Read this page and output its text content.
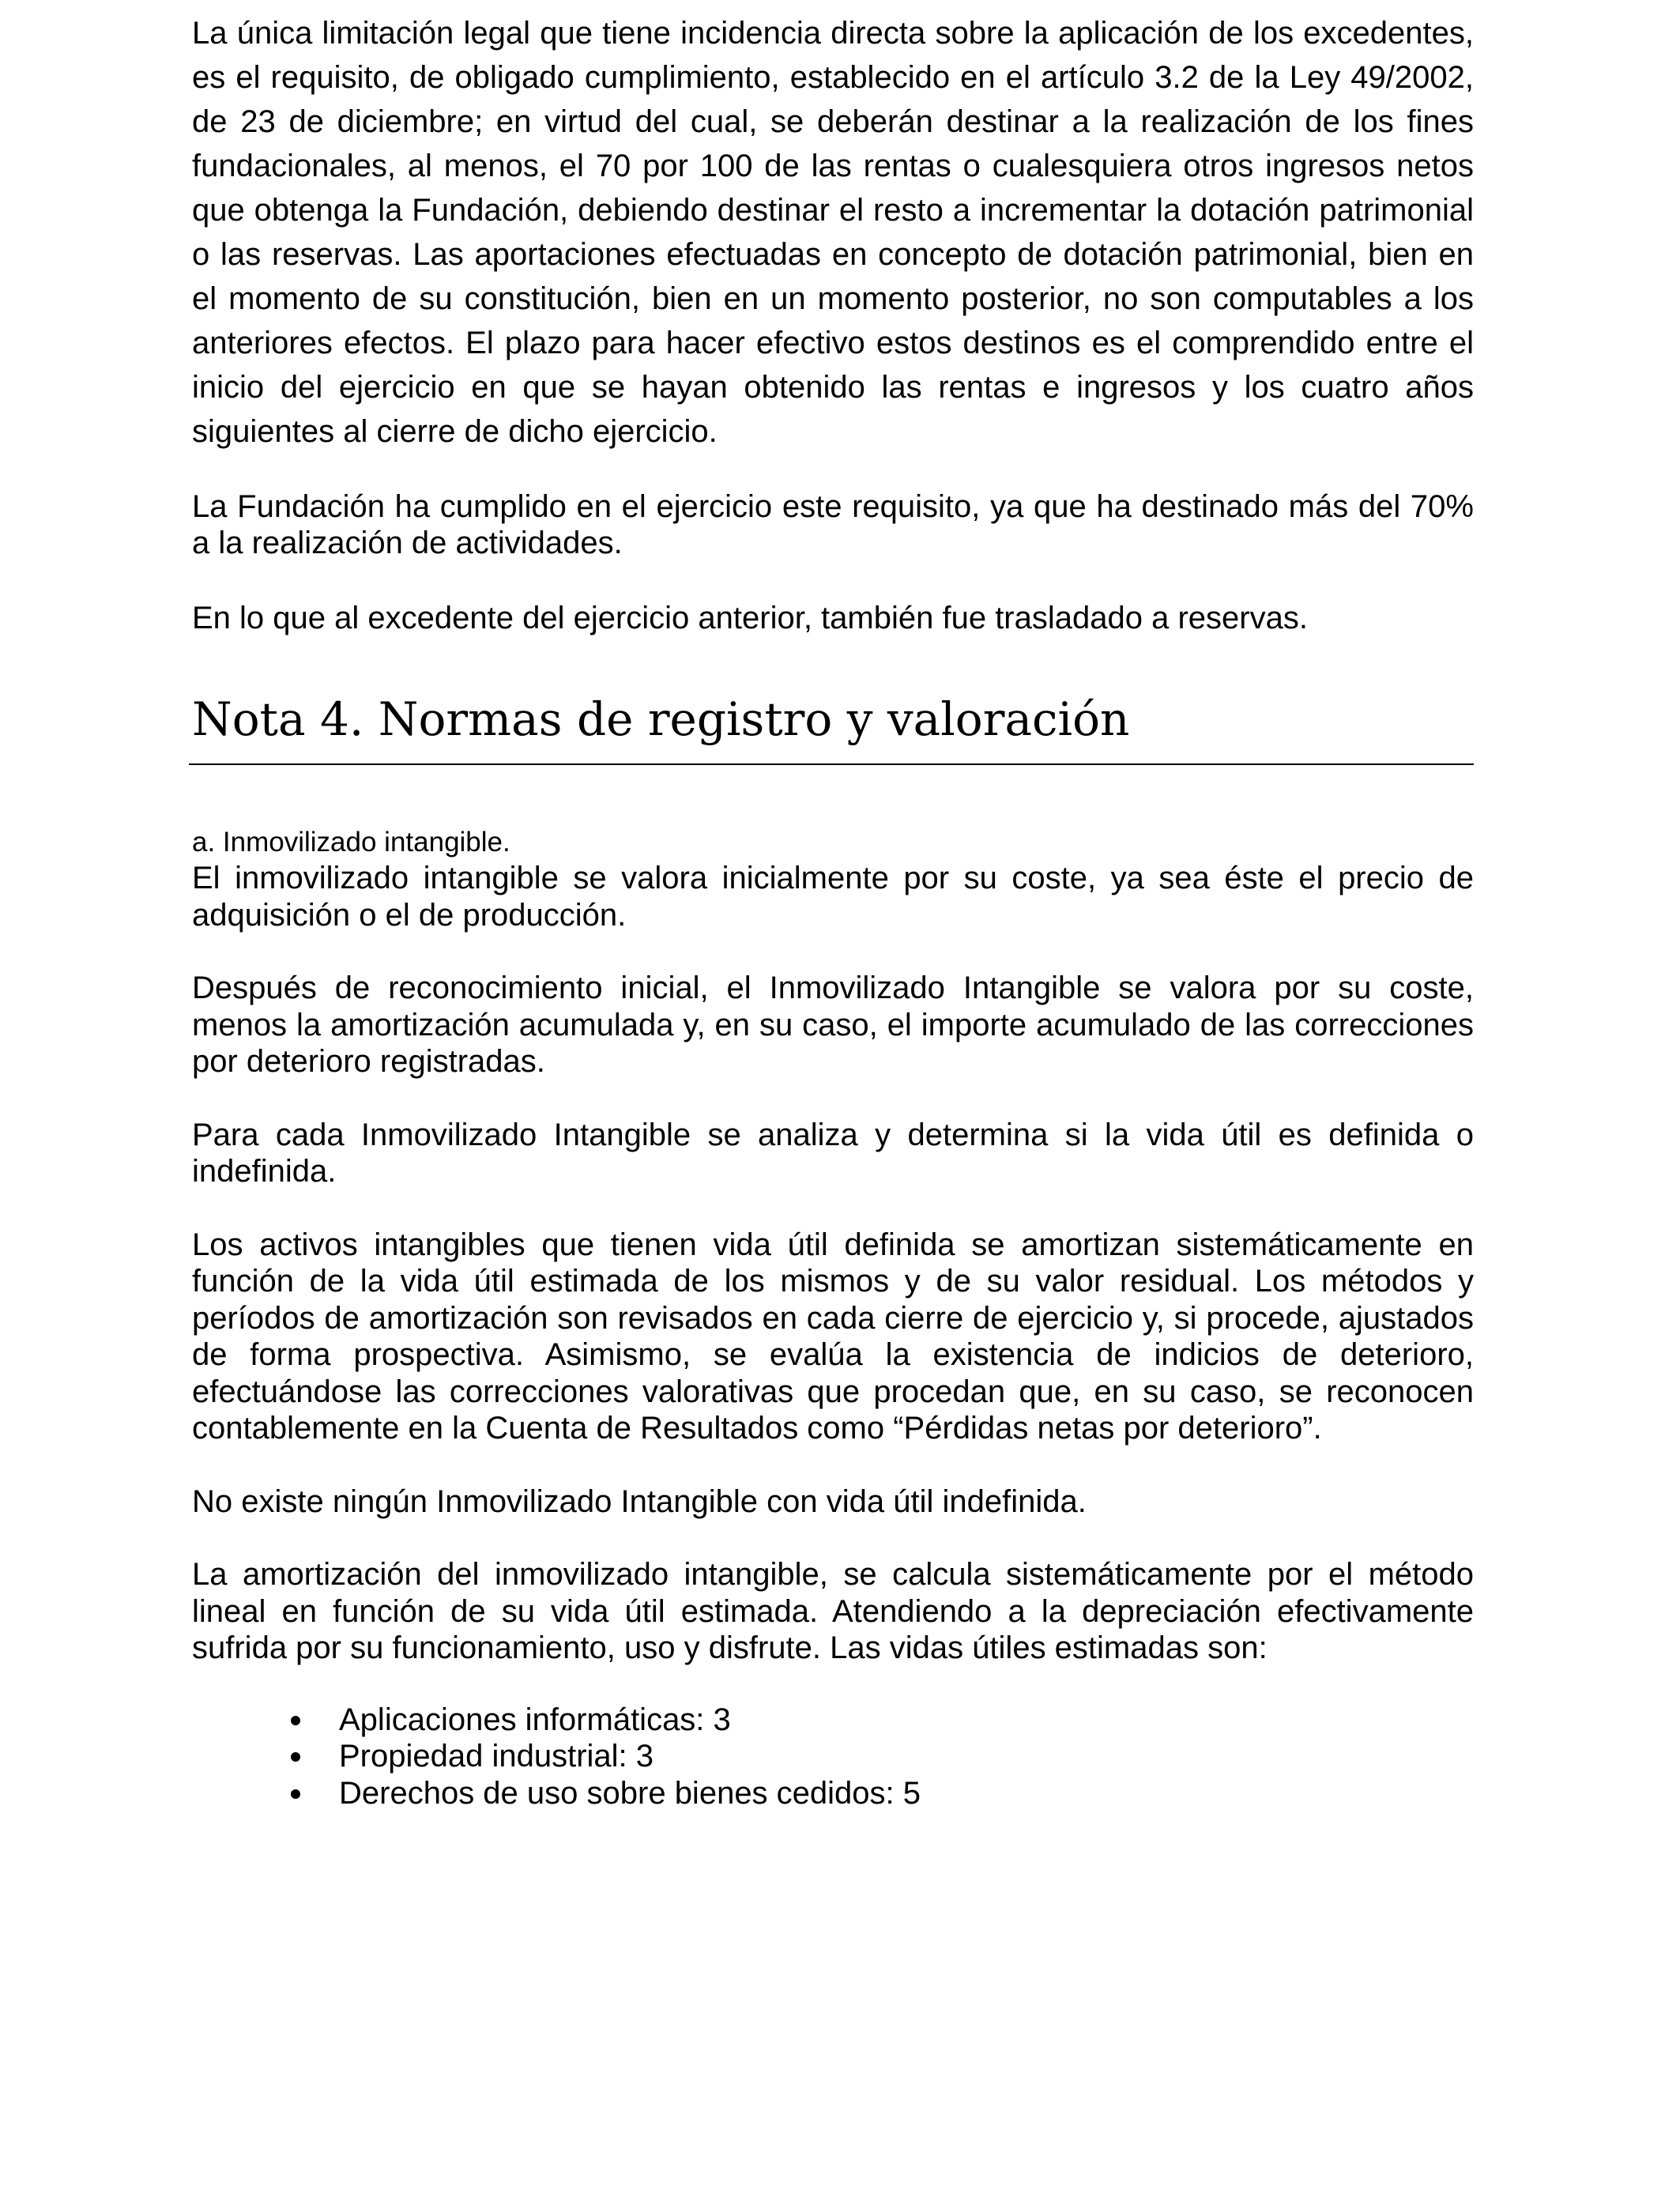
La única limitación legal que tiene incidencia directa sobre la aplicación de los excedentes, es el requisito, de obligado cumplimiento, establecido en el artículo 3.2 de la Ley 49/2002, de 23 de diciembre; en virtud del cual, se deberán destinar a la realización de los fines fundacionales, al menos, el 70 por 100 de las rentas o cualesquiera otros ingresos netos que obtenga la Fundación, debiendo destinar el resto a incrementar la dotación patrimonial o las reservas. Las aportaciones efectuadas en concepto de dotación patrimonial, bien en el momento de su constitución, bien en un momento posterior, no son computables a los anteriores efectos. El plazo para hacer efectivo estos destinos es el comprendido entre el inicio del ejercicio en que se hayan obtenido las rentas e ingresos y los cuatro años siguientes al cierre de dicho ejercicio.

La Fundación ha cumplido en el ejercicio este requisito, ya que ha destinado más del 70% a la realización de actividades.

En lo que al excedente del ejercicio anterior, también fue trasladado a reservas.

Nota 4. Normas de registro y valoración

a. Inmovilizado intangible.

El inmovilizado intangible se valora inicialmente por su coste, ya sea éste el precio de adquisición o el de producción.

Después de reconocimiento inicial, el Inmovilizado Intangible se valora por su coste, menos la amortización acumulada y, en su caso, el importe acumulado de las correcciones por deterioro registradas.

Para cada Inmovilizado Intangible se analiza y determina si la vida útil es definida o indefinida.

Los activos intangibles que tienen vida útil definida se amortizan sistemáticamente en función de la vida útil estimada de los mismos y de su valor residual. Los métodos y períodos de amortización son revisados en cada cierre de ejercicio y, si procede, ajustados de forma prospectiva. Asimismo, se evalúa la existencia de indicios de deterioro, efectuándose las correcciones valorativas que procedan que, en su caso, se reconocen contablemente en la Cuenta de Resultados como “Pérdidas netas por deterioro”.

No existe ningún Inmovilizado Intangible con vida útil indefinida.

La amortización del inmovilizado intangible, se calcula sistemáticamente por el método lineal en función de su vida útil estimada. Atendiendo a la depreciación efectivamente sufrida por su funcionamiento, uso y disfrute. Las vidas útiles estimadas son:

Aplicaciones informáticas: 3
Propiedad industrial: 3
Derechos de uso sobre bienes cedidos: 5
